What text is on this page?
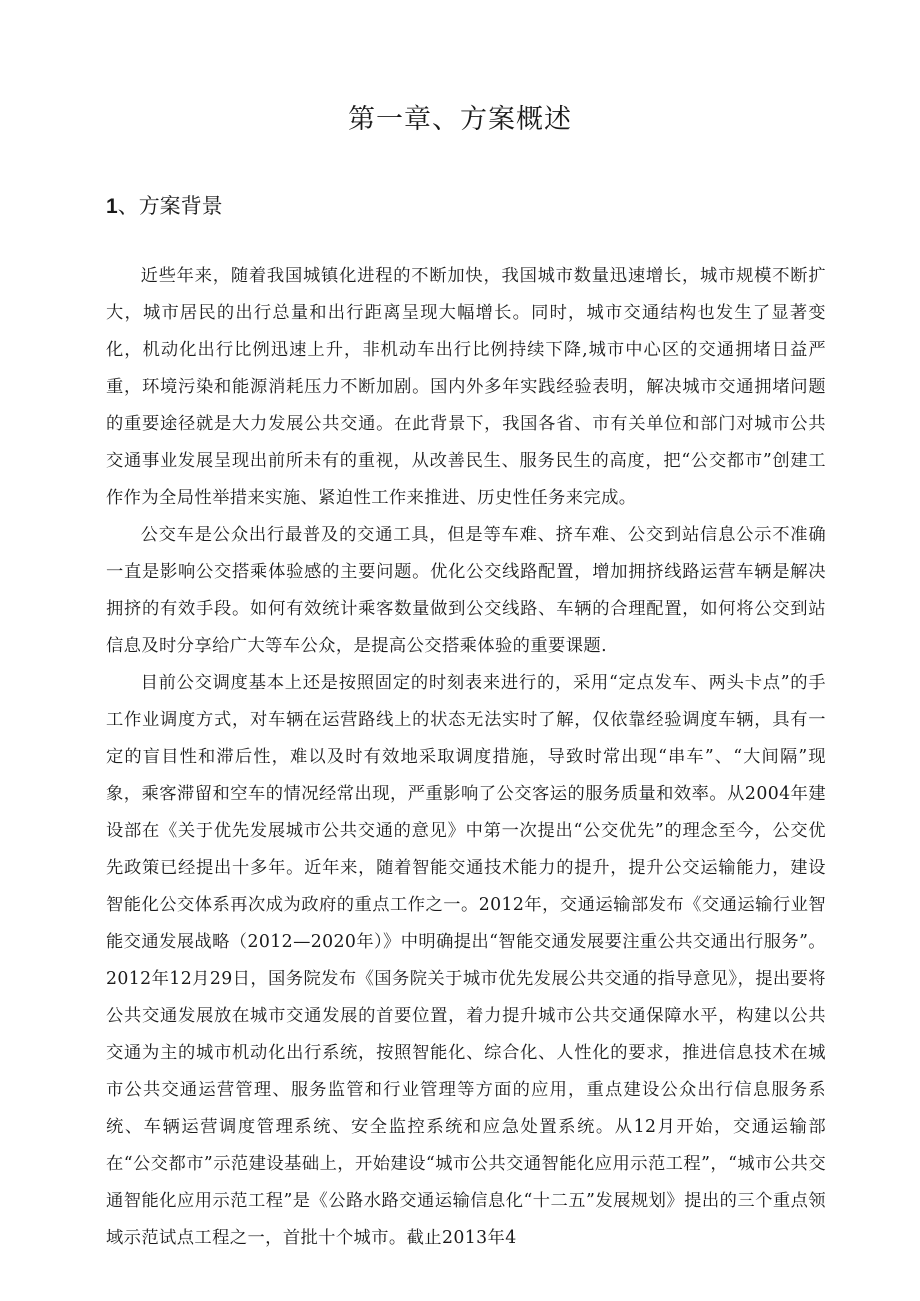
第一章、方案概述
1、方案背景

近些年来，随着我国城镇化进程的不断加快，我国城市数量迅速增长，城市规模不断扩大，城市居民的出行总量和出行距离呈现大幅增长。同时，城市交通结构也发生了显著变化，机动化出行比例迅速上升，非机动车出行比例持续下降,城市中心区的交通拥堵日益严重，环境污染和能源消耗压力不断加剧。国内外多年实践经验表明，解决城市交通拥堵问题的重要途径就是大力发展公共交通。在此背景下，我国各省、市有关单位和部门对城市公共交通事业发展呈现出前所未有的重视，从改善民生、服务民生的高度，把“公交都市”创建工作作为全局性举措来实施、紧迫性工作来推进、历史性任务来完成。

公交车是公众出行最普及的交通工具，但是等车难、挤车难、公交到站信息公示不准确一直是影响公交搭乘体验感的主要问题。优化公交线路配置，增加拥挤线路运营车辆是解决拥挤的有效手段。如何有效统计乘客数量做到公交线路、车辆的合理配置，如何将公交到站信息及时分享给广大等车公众，是提高公交搭乘体验的重要课题.

目前公交调度基本上还是按照固定的时刻表来进行的，采用“定点发车、两头卡点”的手工作业调度方式，对车辆在运营路线上的状态无法实时了解，仅依靠经验调度车辆，具有一定的盲目性和滞后性，难以及时有效地采取调度措施，导致时常出现“串车”、“大间隔”现象，乘客滞留和空车的情况经常出现，严重影响了公交客运的服务质量和效率。从2004年建设部在《关于优先发展城市公共交通的意见》中第一次提出“公交优先”的理念至今，公交优先政策已经提出十多年。近年来，随着智能交通技术能力的提升，提升公交运输能力，建设智能化公交体系再次成为政府的重点工作之一。2012年，交通运输部发布《交通运输行业智能交通发展战略（2012—2020年）》中明确提出“智能交通发展要注重公共交通出行服务”。2012年12月29日，国务院发布《国务院关于城市优先发展公共交通的指导意见》，提出要将公共交通发展放在城市交通发展的首要位置，着力提升城市公共交通保障水平，构建以公共交通为主的城市机动化出行系统，按照智能化、综合化、人性化的要求，推进信息技术在城市公共交通运营管理、服务监管和行业管理等方面的应用，重点建设公众出行信息服务系统、车辆运营调度管理系统、安全监控系统和应急处置系统。从12月开始，交通运输部在“公交都市”示范建设基础上，开始建设“城市公共交通智能化应用示范工程”，“城市公共交通智能化应用示范工程”是《公路水路交通运输信息化“十二五”发展规划》提出的三个重点领域示范试点工程之一，首批十个城市。截止2013年4
